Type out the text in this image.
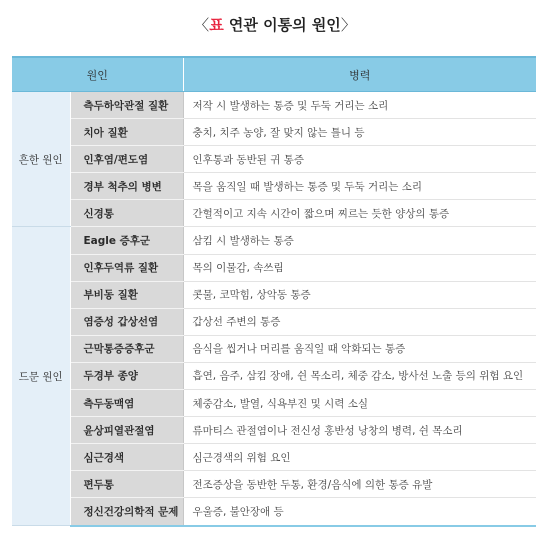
〈표 연관 이통의 원인〉
원인		병력
흔한 원인	측두하악관절 질환	저작 시 발생하는 통증 및 두둑 거리는 소리
	치아 질환	충치, 치주 농양, 잘 맞지 않는 틀니 등
	인후염/편도염	인후통과 동반된 귀 통증
	경부 척추의 병변	목을 움직일 때 발생하는 통증 및 두둑 거리는 소리
	신경통	간헐적이고 지속 시간이 짧으며 찌르는 듯한 양상의 통증
드문 원인	Eagle 증후군	삼킴 시 발생하는 통증
	인후두역류 질환	목의 이물감, 속쓰림
	부비동 질환	콧물, 코막힘, 상악동 통증
	염증성 갑상선염	갑상선 주변의 통증
	근막통증증후군	음식을 씹거나 머리를 움직일 때 악화되는 통증
	두경부 종양	흡연, 음주, 삼킴 장애, 쉰 목소리, 체중 감소, 방사선 노출 등의 위험 요인
	측두동맥염	체중감소, 발열, 식욕부진 및 시력 소실
	윤상피열관절염	류마티스 관절염이나 전신성 홍반성 낭창의 병력, 쉰 목소리
	심근경색	심근경색의 위험 요인
	편두통	전조증상을 동반한 두통, 환경/음식에 의한 통증 유발
	정신건강의학적 문제	우울증, 불안장애 등
